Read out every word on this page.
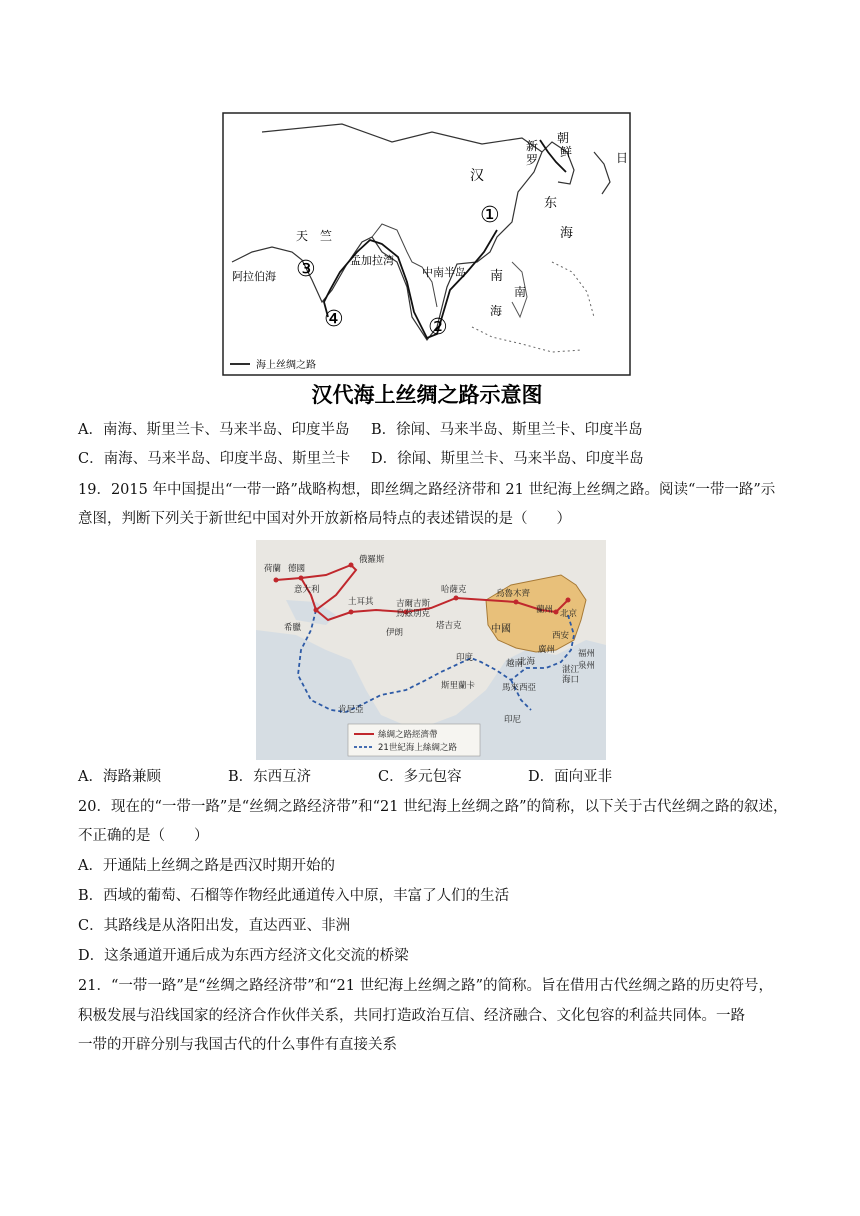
新
罗
朝
鲜	日
汉
东
海
南
天　竺
阿拉伯海
孟加拉湾
中南半岛
南
海
①
②
③
④
海上丝绸之路
汉代海上丝绸之路示意图
A．南海、斯里兰卡、马来半岛、印度半岛 B．徐闻、马来半岛、斯里兰卡、印度半岛
C．南海、马来半岛、印度半岛、斯里兰卡 D．徐闻、斯里兰卡、马来半岛、印度半岛
19．2015 年中国提出“一带一路”战略构想，即丝绸之路经济带和 21 世纪海上丝绸之路。阅读“一带一路”示
意图，判断下列关于新世纪中国对外开放新格局特点的表述错误的是（　　）
荷蘭 德國
俄羅斯
意大利
希臘
土耳其	吉爾吉斯
烏茲別克
哈薩克
塔吉克
伊朗
烏魯木齊
蘭州 北京
西安
中國
廣州
北海
福州
泉州
湛江
海口
印度
越南
斯里蘭卡	馬來西亞
肯尼亞
印尼
絲綢之路經濟帶
21世紀海上絲綢之路
A．海路兼顾	B．东西互济	C．多元包容	D．面向亚非
20．现在的“一带一路”是“丝绸之路经济带”和“21 世纪海上丝绸之路”的简称，以下关于古代丝绸之路的叙述，
不正确的是（　　）
A．开通陆上丝绸之路是西汉时期开始的
B．西域的葡萄、石榴等作物经此通道传入中原，丰富了人们的生活
C．其路线是从洛阳出发，直达西亚、非洲
D．这条通道开通后成为东西方经济文化交流的桥梁
21．“一带一路”是“丝绸之路经济带”和“21 世纪海上丝绸之路”的简称。旨在借用古代丝绸之路的历史符号，
积极发展与沿线国家的经济合作伙伴关系，共同打造政治互信、经济融合、文化包容的利益共同体。一路
一带的开辟分别与我国古代的什么事件有直接关系
